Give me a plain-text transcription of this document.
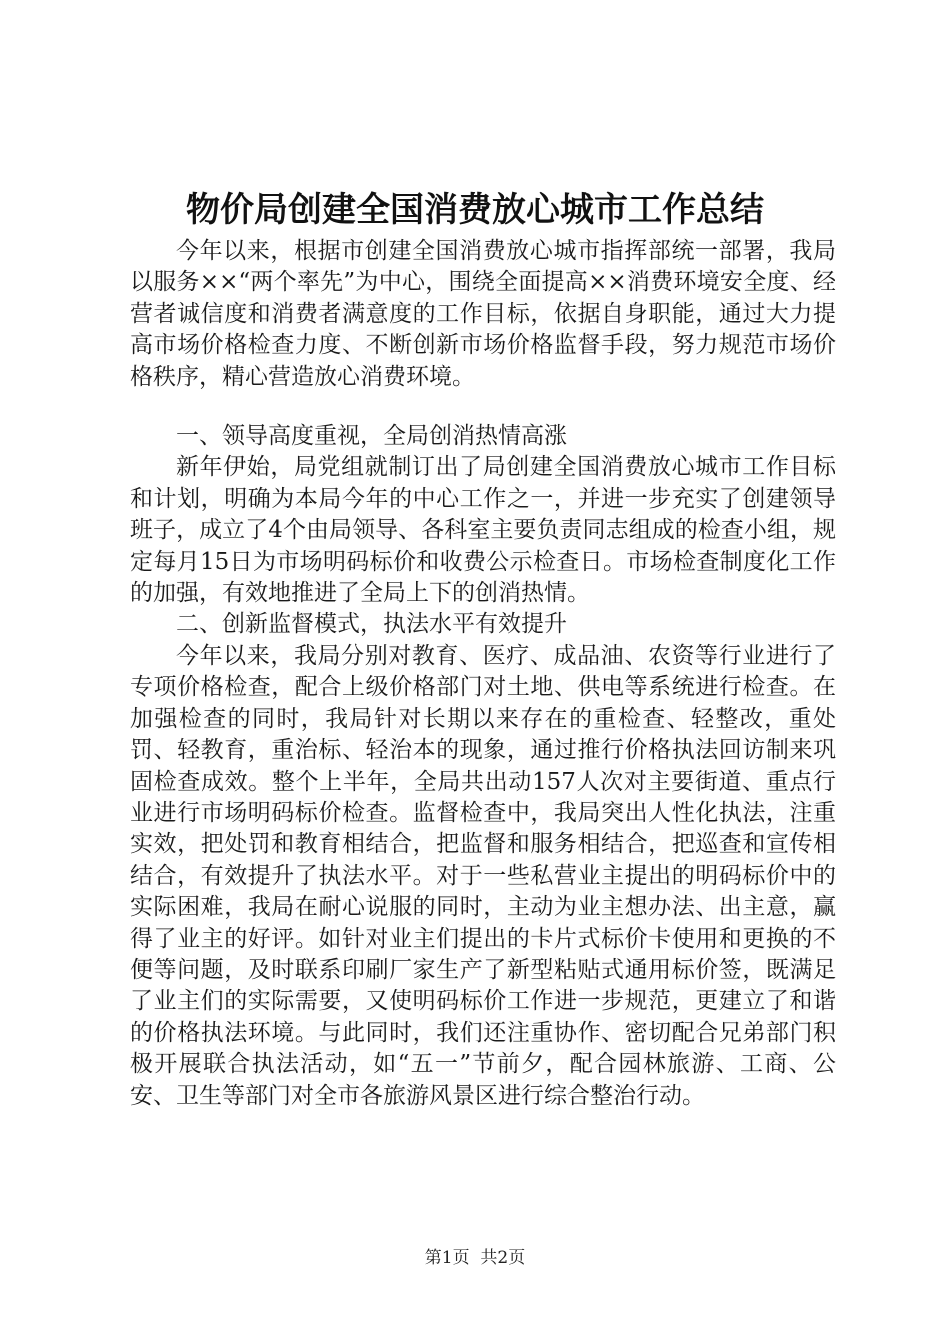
物价局创建全国消费放心城市工作总结

今年以来，根据市创建全国消费放心城市指挥部统一部署，我局以服务××“两个率先”为中心，围绕全面提高××消费环境安全度、经营者诚信度和消费者满意度的工作目标，依据自身职能，通过大力提高市场价格检查力度、不断创新市场价格监督手段，努力规范市场价格秩序，精心营造放心消费环境。

一、领导高度重视，全局创消热情高涨

新年伊始，局党组就制订出了局创建全国消费放心城市工作目标和计划，明确为本局今年的中心工作之一，并进一步充实了创建领导班子，成立了4个由局领导、各科室主要负责同志组成的检查小组，规定每月15日为市场明码标价和收费公示检查日。市场检查制度化工作的加强，有效地推进了全局上下的创消热情。

二、创新监督模式，执法水平有效提升

今年以来，我局分别对教育、医疗、成品油、农资等行业进行了专项价格检查，配合上级价格部门对土地、供电等系统进行检查。在加强检查的同时，我局针对长期以来存在的重检查、轻整改，重处罚、轻教育，重治标、轻治本的现象，通过推行价格执法回访制来巩固检查成效。整个上半年，全局共出动157人次对主要街道、重点行业进行市场明码标价检查。监督检查中，我局突出人性化执法，注重实效，把处罚和教育相结合，把监督和服务相结合，把巡查和宣传相结合，有效提升了执法水平。对于一些私营业主提出的明码标价中的实际困难，我局在耐心说服的同时，主动为业主想办法、出主意，赢得了业主的好评。如针对业主们提出的卡片式标价卡使用和更换的不便等问题，及时联系印刷厂家生产了新型粘贴式通用标价签，既满足了业主们的实际需要，又使明码标价工作进一步规范，更建立了和谐的价格执法环境。与此同时，我们还注重协作、密切配合兄弟部门积极开展联合执法活动，如“五一”节前夕，配合园林旅游、工商、公安、卫生等部门对全市各旅游风景区进行综合整治行动。

第1页 共2页
